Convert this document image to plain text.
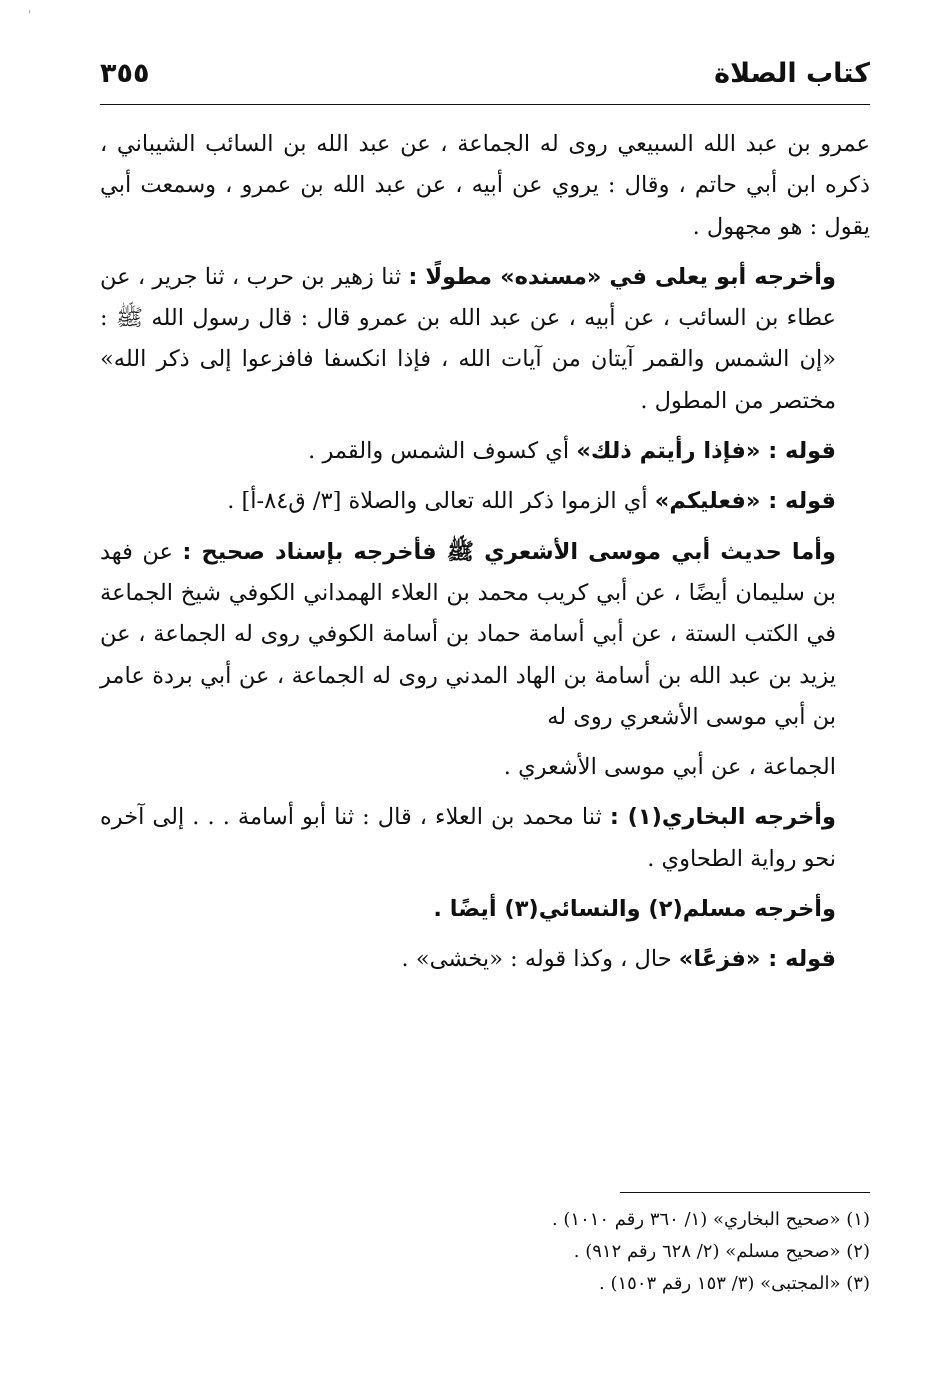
'
كتاب الصلاة
٣٥٥

عمرو بن عبد الله السبيعي روى له الجماعة ، عن عبد الله بن السائب الشيباني ، ذكره ابن أبي حاتم ، وقال : يروي عن أبيه ، عن عبد الله بن عمرو ، وسمعت أبي يقول : هو مجهول .

وأخرجه أبو يعلى في «مسنده» مطولًا : ثنا زهير بن حرب ، ثنا جرير ، عن عطاء بن السائب ، عن أبيه ، عن عبد الله بن عمرو قال : قال رسول الله ﷺ : «إن الشمس والقمر آيتان من آيات الله ، فإذا انكسفا فافزعوا إلى ذكر الله» مختصر من المطول .

قوله : «فإذا رأيتم ذلك» أي كسوف الشمس والقمر .

قوله : «فعليكم» أي الزموا ذكر الله تعالى والصلاة [٣/ ق٨٤-أ] .

وأما حديث أبي موسى الأشعري ﷺ فأخرجه بإسناد صحيح : عن فهد بن سليمان أيضًا ، عن أبي كريب محمد بن العلاء الهمداني الكوفي شيخ الجماعة في الكتب الستة ، عن أبي أسامة حماد بن أسامة الكوفي روى له الجماعة ، عن يزيد بن عبد الله بن أسامة بن الهاد المدني روى له الجماعة ، عن أبي بردة عامر بن أبي موسى الأشعري روى له

الجماعة ، عن أبي موسى الأشعري .

وأخرجه البخاري(١) : ثنا محمد بن العلاء ، قال : ثنا أبو أسامة . . . إلى آخره نحو رواية الطحاوي .

وأخرجه مسلم(٢) والنسائي(٣) أيضًا .

قوله : «فزعًا» حال ، وكذا قوله : «يخشى» .

(١) «صحيح البخاري» (١/ ٣٦٠ رقم ١٠١٠) .

(٢) «صحيح مسلم» (٢/ ٦٢٨ رقم ٩١٢) .

(٣) «المجتبى» (٣/ ١٥٣ رقم ١٥٠٣) .
